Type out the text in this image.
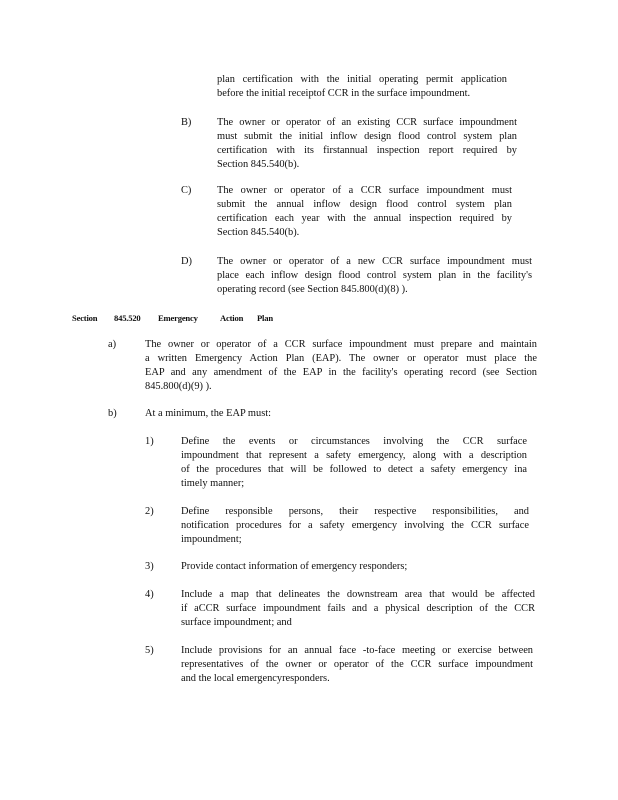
plan certification with the initial operating permit application

before the initial receiptof CCR in the surface impoundment.

B) The owner or operator of an existing CCR surface impoundment

must submit the initial inflow design flood control system plan

certification with its firstannual inspection report required by

Section 845.540(b).

C) The owner or operator of a CCR surface impoundment must

submit the annual inflow design flood control system plan

certification each year with the annual inspection required by

Section 845.540(b).

D) The owner or operator of a new CCR surface impoundment must

place each inflow design flood control system plan in the facility's

operating record (see Section 845.800(d)(8) ).

Section 845.520 Emergency	Action Plan
a)	The owner or operator of a CCR surface impoundment must prepare and maintain

a written Emergency Action Plan (EAP). The owner or operator must place the

EAP and any amendment of the EAP in the facility's operating record (see Section

845.800(d)(9) ).

b)	At a minimum, the EAP must:

1)	Define the events or circumstances involving the CCR surface

impoundment that represent a safety emergency, along with a description

of the procedures that will be followed to detect a safety emergency ina

timely manner;

2)	Define responsible persons, their respective responsibilities, and

notification procedures for a safety emergency involving the CCR surface

impoundment;

3)	Provide contact information of emergency responders;

4)	Include a map that delineates the downstream area that would be affected

if aCCR surface impoundment fails and a physical description of the CCR

surface impoundment; and

5)	Include provisions for an annual face -to-face meeting or exercise between

representatives of the owner or operator of the CCR surface impoundment

and the local emergencyresponders.
